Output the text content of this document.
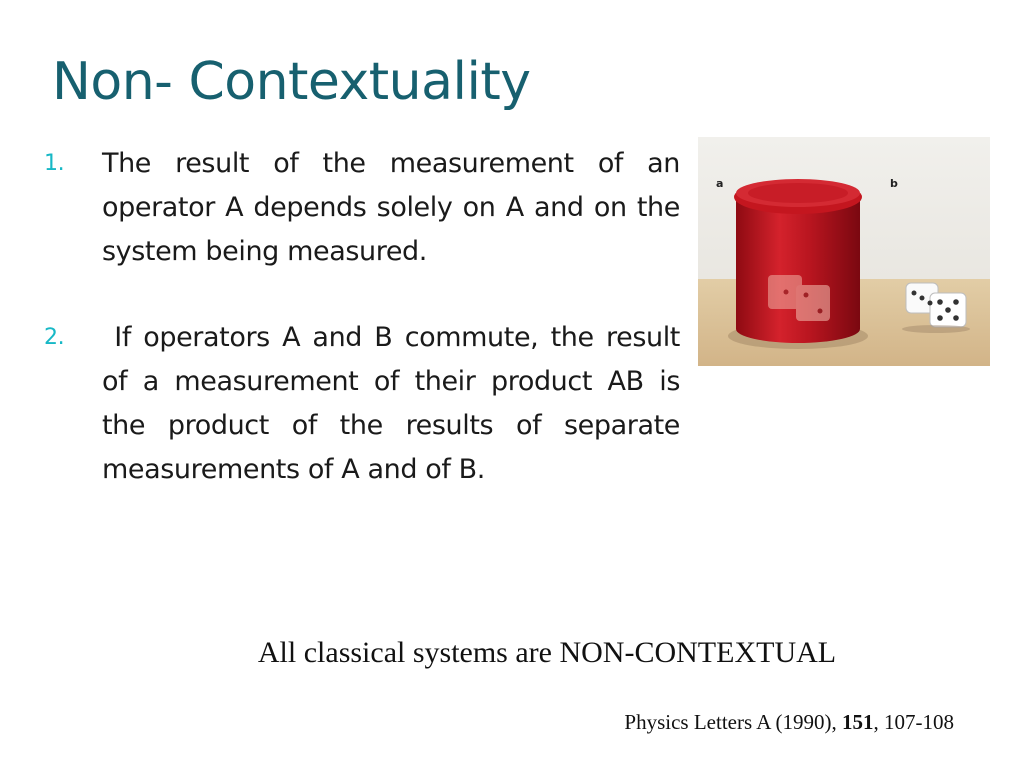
Non- Contextuality
1. The result of the measurement of an operator A depends solely on A and on the system being measured.
2. If operators A and B commute, the result of a measurement of their product AB is the product of the results of separate measurements of A and of B.
a	b
All classical systems are NON-CONTEXTUAL
Physics Letters A (1990), 151, 107-108
